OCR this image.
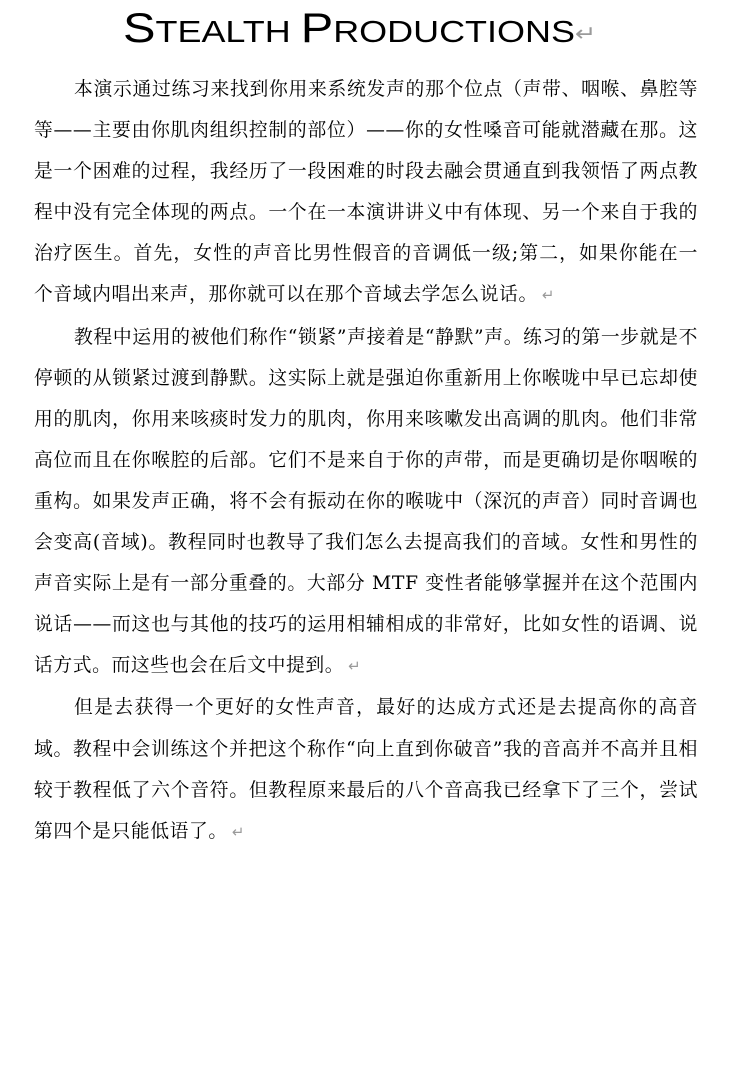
STEALTH PRODUCTIONS↵

本演示通过练习来找到你用来系统发声的那个位点（声带、咽喉、鼻腔等等——主要由你肌肉组织控制的部位）——你的女性嗓音可能就潜藏在那。这是一个困难的过程，我经历了一段困难的时段去融会贯通直到我领悟了两点教程中没有完全体现的两点。一个在一本演讲讲义中有体现、另一个来自于我的治疗医生。首先，女性的声音比男性假音的音调低一级;第二，如果你能在一个音域内唱出来声，那你就可以在那个音域去学怎么说话。 ↵

教程中运用的被他们称作“锁紧”声接着是“静默”声。练习的第一步就是不停顿的从锁紧过渡到静默。这实际上就是强迫你重新用上你喉咙中早已忘却使用的肌肉，你用来咳痰时发力的肌肉，你用来咳嗽发出高调的肌肉。他们非常高位而且在你喉腔的后部。它们不是来自于你的声带，而是更确切是你咽喉的重构。如果发声正确，将不会有振动在你的喉咙中（深沉的声音）同时音调也会变高(音域)。教程同时也教导了我们怎么去提高我们的音域。女性和男性的声音实际上是有一部分重叠的。大部分 MTF 变性者能够掌握并在这个范围内说话——而这也与其他的技巧的运用相辅相成的非常好，比如女性的语调、说话方式。而这些也会在后文中提到。 ↵

但是去获得一个更好的女性声音，最好的达成方式还是去提高你的高音域。教程中会训练这个并把这个称作“向上直到你破音”我的音高并不高并且相较于教程低了六个音符。但教程原来最后的八个音高我已经拿下了三个，尝试第四个是只能低语了。 ↵
